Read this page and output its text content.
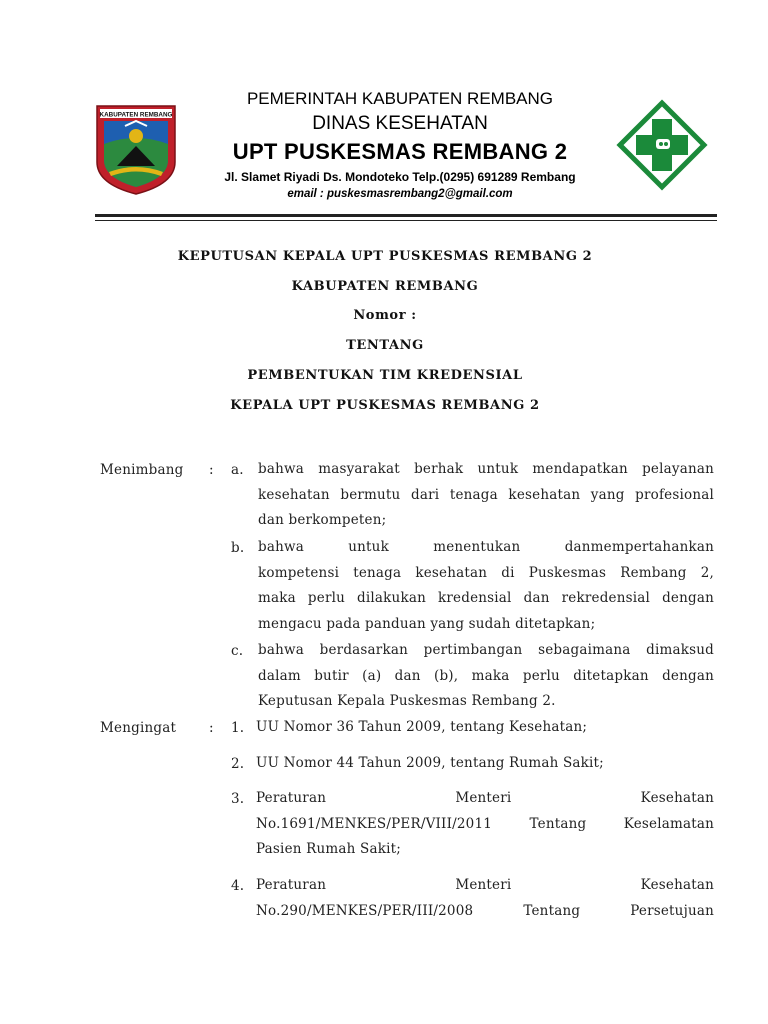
KABUPATEN REMBANG
PEMERINTAH KABUPATEN REMBANG
DINAS KESEHATAN
UPT PUSKESMAS REMBANG 2
Jl. Slamet Riyadi Ds. Mondoteko Telp.(0295) 691289 Rembang
email : puskesmasrembang2@gmail.com
KEPUTUSAN KEPALA UPT PUSKESMAS REMBANG 2
KABUPATEN REMBANG
Nomor :
TENTANG
PEMBENTUKAN TIM KREDENSIAL
KEPALA UPT PUSKESMAS REMBANG 2
Menimbang : a. bahwa masyarakat berhak untuk mendapatkan pelayanan
kesehatan bermutu dari tenaga kesehatan yang profesional
dan berkompeten;
b. bahwa untuk menentukan danmempertahankan
kompetensi tenaga kesehatan di Puskesmas Rembang 2,
maka perlu dilakukan kredensial dan rekredensial dengan
mengacu pada panduan yang sudah ditetapkan;
c. bahwa berdasarkan pertimbangan sebagaimana dimaksud
dalam butir (a) dan (b), maka perlu ditetapkan dengan
Keputusan Kepala Puskesmas Rembang 2.
Mengingat : 1. UU Nomor 36 Tahun 2009, tentang Kesehatan;
2. UU Nomor 44 Tahun 2009, tentang Rumah Sakit;
3. Peraturan Menteri Kesehatan
No.1691/MENKES/PER/VIII/2011 Tentang Keselamatan
Pasien Rumah Sakit;
4. Peraturan Menteri Kesehatan
No.290/MENKES/PER/III/2008 Tentang Persetujuan
